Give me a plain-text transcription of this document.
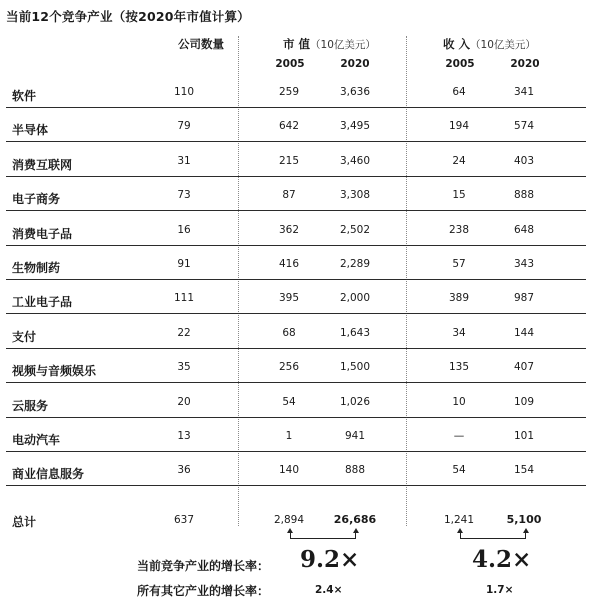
当前12个竞争产业（按2020年市值计算）
公司数量	市 值（10亿美元）	收 入（10亿美元）
2005	2020	2005	2020
软件	110	259	3,636	64	341
半导体	79	642	3,495	194	574
消费互联网	31	215	3,460	24	403
电子商务	73	87	3,308	15	888
消费电子品	16	362	2,502	238	648
生物制药	91	416	2,289	57	343
工业电子品	111	395	2,000	389	987
支付	22	68	1,643	34	144
视频与音频娱乐	35	256	1,500	135	407
云服务	20	54	1,026	10	109
电动汽车	13	1	941	—	101
商业信息服务	36	140	888	54	154
总计	637	2,894	26,686	1,241	5,100
当前竞争产业的增长率： 9.2×	4.2×
所有其它产业的增长率：	2.4×	1.7×
